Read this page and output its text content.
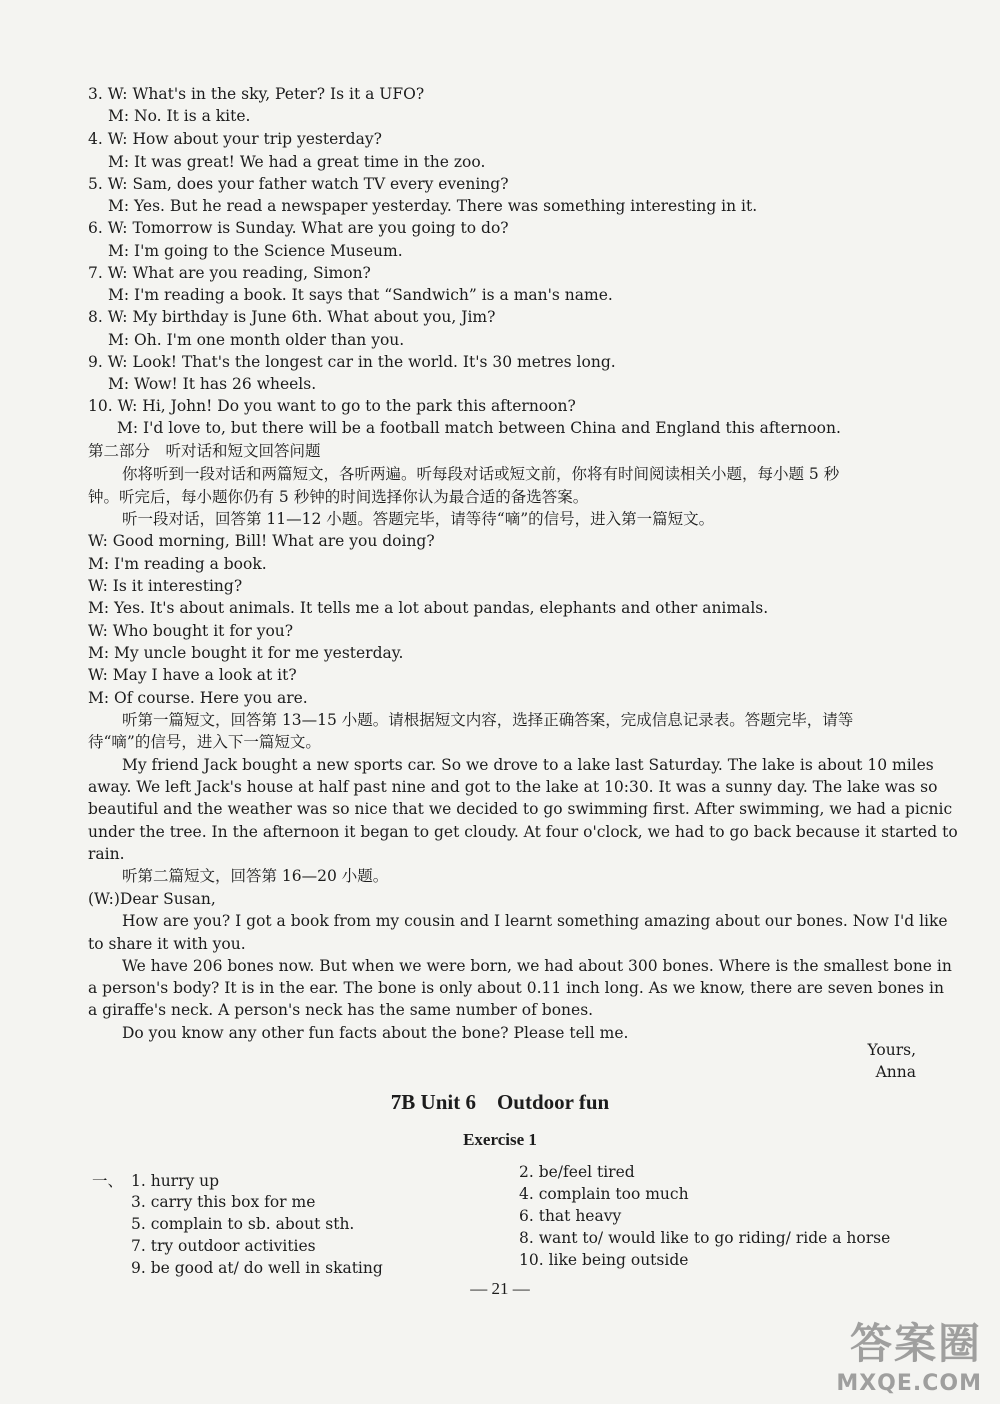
3. W: What's in the sky, Peter? Is it a UFO?
M: No. It is a kite.
4. W: How about your trip yesterday?
M: It was great! We had a great time in the zoo.
5. W: Sam, does your father watch TV every evening?
M: Yes. But he read a newspaper yesterday. There was something interesting in it.
6. W: Tomorrow is Sunday. What are you going to do?
M: I'm going to the Science Museum.
7. W: What are you reading, Simon?
M: I'm reading a book. It says that “Sandwich” is a man's name.
8. W: My birthday is June 6th. What about you, Jim?
M: Oh. I'm one month older than you.
9. W: Look! That's the longest car in the world. It's 30 metres long.
M: Wow! It has 26 wheels.
10. W: Hi, John! Do you want to go to the park this afternoon?
M: I'd love to, but there will be a football match between China and England this afternoon.
第二部分　听对话和短文回答问题
你将听到一段对话和两篇短文，各听两遍。听每段对话或短文前，你将有时间阅读相关小题，每小题 5 秒
钟。听完后，每小题你仍有 5 秒钟的时间选择你认为最合适的备选答案。
听一段对话，回答第 11—12 小题。答题完毕，请等待“嘀”的信号，进入第一篇短文。
W: Good morning, Bill! What are you doing?
M: I'm reading a book.
W: Is it interesting?
M: Yes. It's about animals. It tells me a lot about pandas, elephants and other animals.
W: Who bought it for you?
M: My uncle bought it for me yesterday.
W: May I have a look at it?
M: Of course. Here you are.
听第一篇短文，回答第 13—15 小题。请根据短文内容，选择正确答案，完成信息记录表。答题完毕，请等
待“嘀”的信号，进入下一篇短文。
My friend Jack bought a new sports car. So we drove to a lake last Saturday. The lake is about 10 miles
away. We left Jack's house at half past nine and got to the lake at 10:30. It was a sunny day. The lake was so
beautiful and the weather was so nice that we decided to go swimming first. After swimming, we had a picnic
under the tree. In the afternoon it began to get cloudy. At four o'clock, we had to go back because it started to
rain.
听第二篇短文，回答第 16—20 小题。
(W:)Dear Susan,
How are you? I got a book from my cousin and I learnt something amazing about our bones. Now I'd like
to share it with you.
We have 206 bones now. But when we were born, we had about 300 bones. Where is the smallest bone in
a person's body? It is in the ear. The bone is only about 0.11 inch long. As we know, there are seven bones in
a giraffe's neck. A person's neck has the same number of bones.
Do you know any other fun facts about the bone? Please tell me.
Yours,
Anna
7B Unit 6　Outdoor fun
Exercise 1
一、 1. hurry up
3. carry this box for me
5. complain to sb. about sth.
7. try outdoor activities
9. be good at/ do well in skating
2. be/feel tired
4. complain too much
6. that heavy
8. want to/ would like to go riding/ ride a horse
10. like being outside
— 21 —
答案圈
MXQE.COM
